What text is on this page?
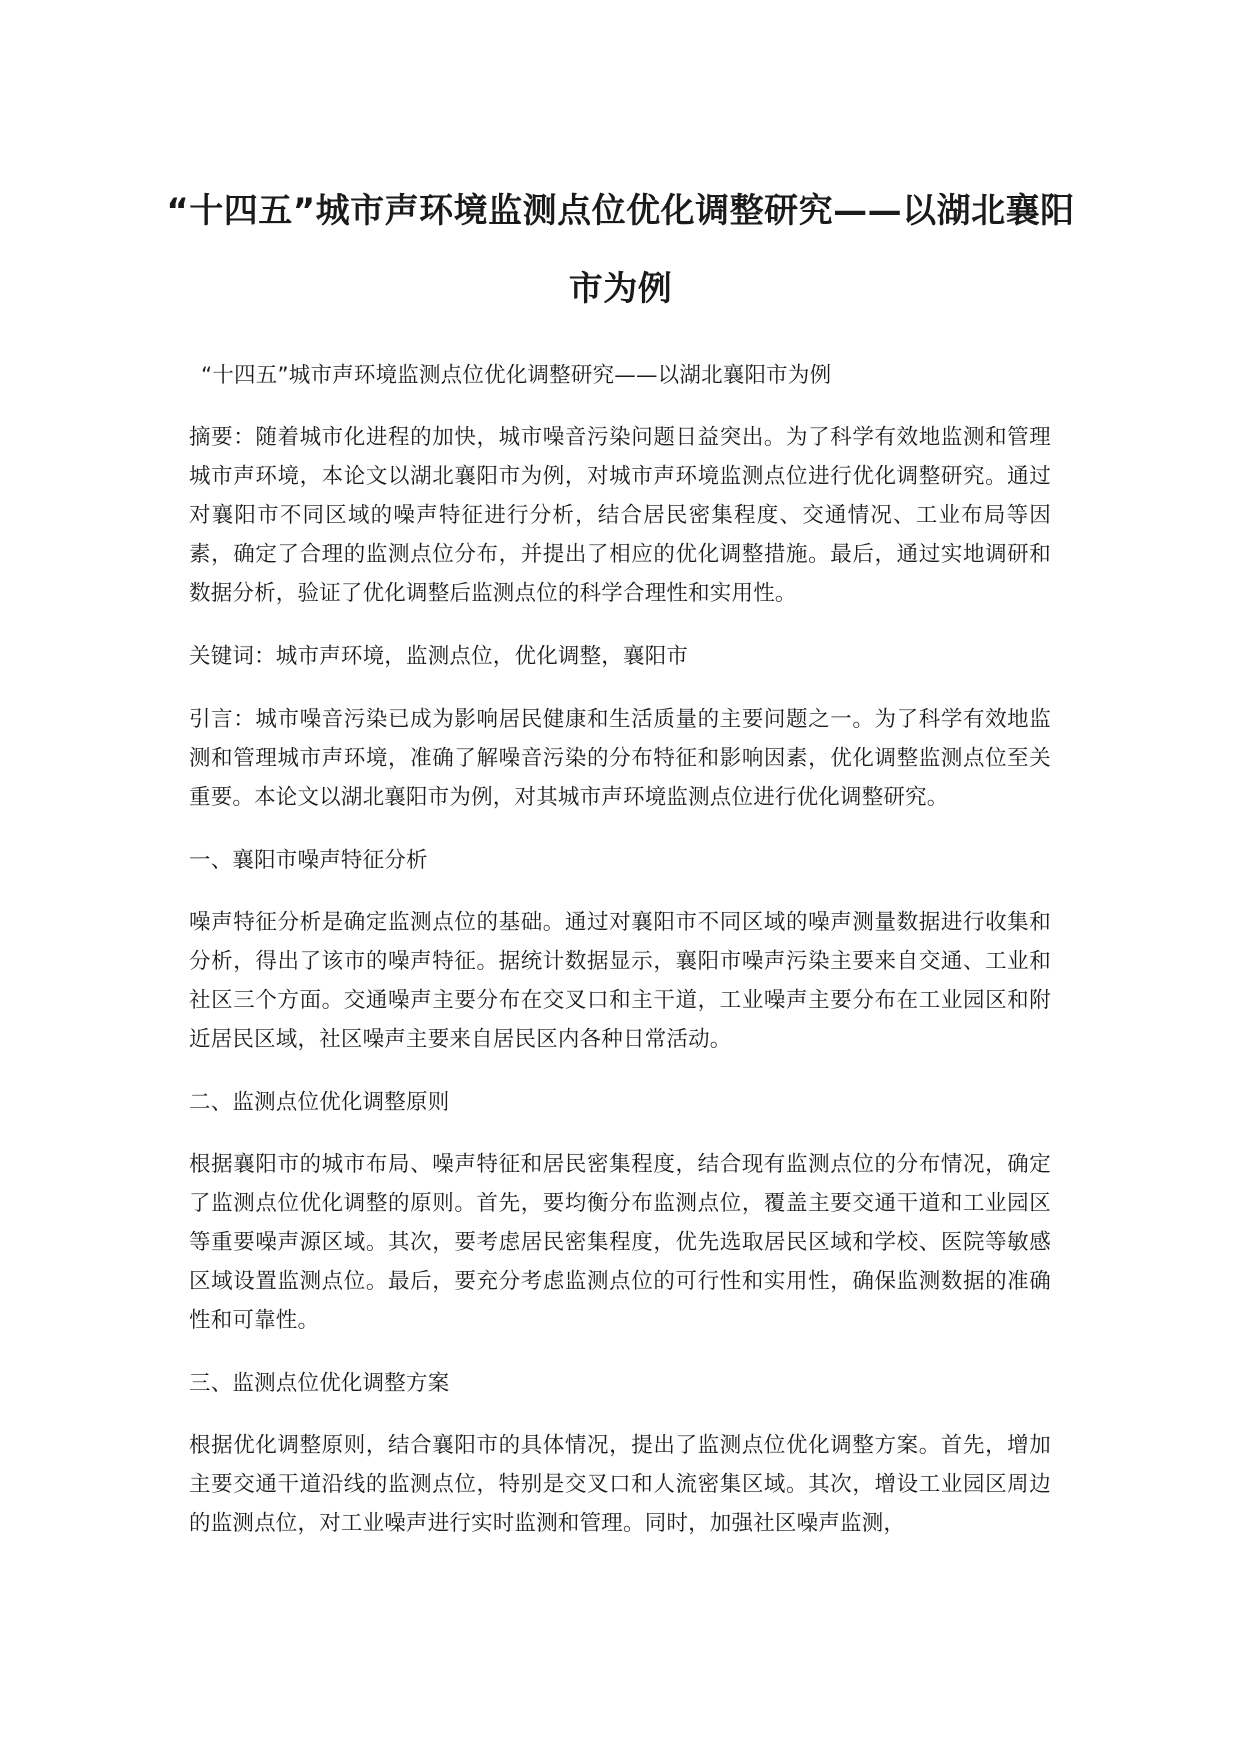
“十四五”城市声环境监测点位优化调整研究——以湖北襄阳市为例

“十四五”城市声环境监测点位优化调整研究——以湖北襄阳市为例

摘要：随着城市化进程的加快，城市噪音污染问题日益突出。为了科学有效地监测和管理城市声环境，本论文以湖北襄阳市为例，对城市声环境监测点位进行优化调整研究。通过对襄阳市不同区域的噪声特征进行分析，结合居民密集程度、交通情况、工业布局等因素，确定了合理的监测点位分布，并提出了相应的优化调整措施。最后，通过实地调研和数据分析，验证了优化调整后监测点位的科学合理性和实用性。

关键词：城市声环境，监测点位，优化调整，襄阳市

引言：城市噪音污染已成为影响居民健康和生活质量的主要问题之一。为了科学有效地监测和管理城市声环境，准确了解噪音污染的分布特征和影响因素，优化调整监测点位至关重要。本论文以湖北襄阳市为例，对其城市声环境监测点位进行优化调整研究。

一、襄阳市噪声特征分析

噪声特征分析是确定监测点位的基础。通过对襄阳市不同区域的噪声测量数据进行收集和分析，得出了该市的噪声特征。据统计数据显示，襄阳市噪声污染主要来自交通、工业和社区三个方面。交通噪声主要分布在交叉口和主干道，工业噪声主要分布在工业园区和附近居民区域，社区噪声主要来自居民区内各种日常活动。

二、监测点位优化调整原则

根据襄阳市的城市布局、噪声特征和居民密集程度，结合现有监测点位的分布情况，确定了监测点位优化调整的原则。首先，要均衡分布监测点位，覆盖主要交通干道和工业园区等重要噪声源区域。其次，要考虑居民密集程度，优先选取居民区域和学校、医院等敏感区域设置监测点位。最后，要充分考虑监测点位的可行性和实用性，确保监测数据的准确性和可靠性。

三、监测点位优化调整方案

根据优化调整原则，结合襄阳市的具体情况，提出了监测点位优化调整方案。首先，增加主要交通干道沿线的监测点位，特别是交叉口和人流密集区域。其次，增设工业园区周边的监测点位，对工业噪声进行实时监测和管理。同时，加强社区噪声监测，
